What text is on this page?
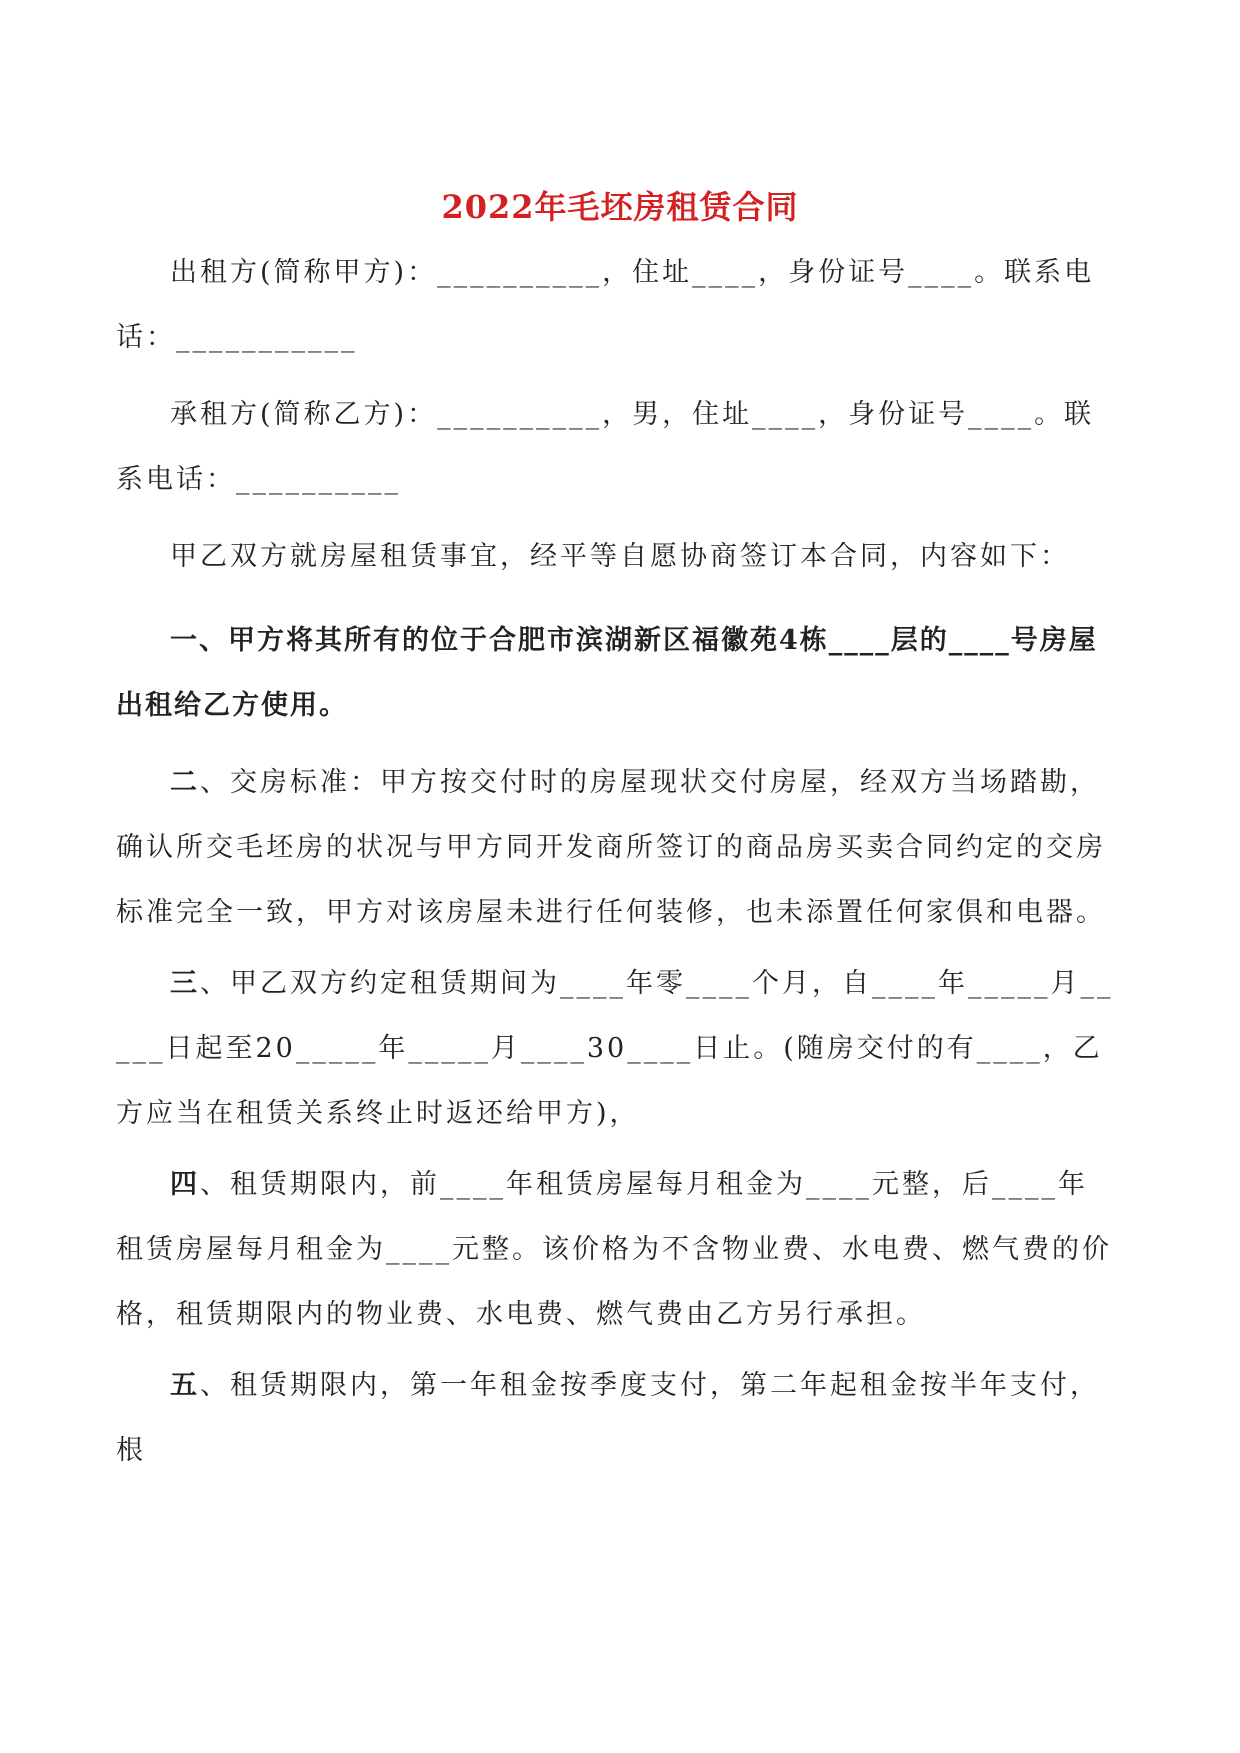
2022年毛坯房租赁合同

出租方(简称甲方)：__________，住址____，身份证号____。联系电话：___________

承租方(简称乙方)：__________，男，住址____，身份证号____。联系电话：__________

甲乙双方就房屋租赁事宜，经平等自愿协商签订本合同，内容如下：

一、甲方将其所有的位于合肥市滨湖新区福徽苑4栋____层的____号房屋出租给乙方使用。

二、交房标准：甲方按交付时的房屋现状交付房屋，经双方当场踏勘，确认所交毛坯房的状况与甲方同开发商所签订的商品房买卖合同约定的交房标准完全一致，甲方对该房屋未进行任何装修，也未添置任何家俱和电器。

三、甲乙双方约定租赁期间为____年零____个月，自____年_____月_____日起至20_____年_____月____30____日止。(随房交付的有____，乙方应当在租赁关系终止时返还给甲方)，

四、租赁期限内，前____年租赁房屋每月租金为____元整，后____年租赁房屋每月租金为____元整。该价格为不含物业费、水电费、燃气费的价格，租赁期限内的物业费、水电费、燃气费由乙方另行承担。

五、租赁期限内，第一年租金按季度支付，第二年起租金按半年支付，根
